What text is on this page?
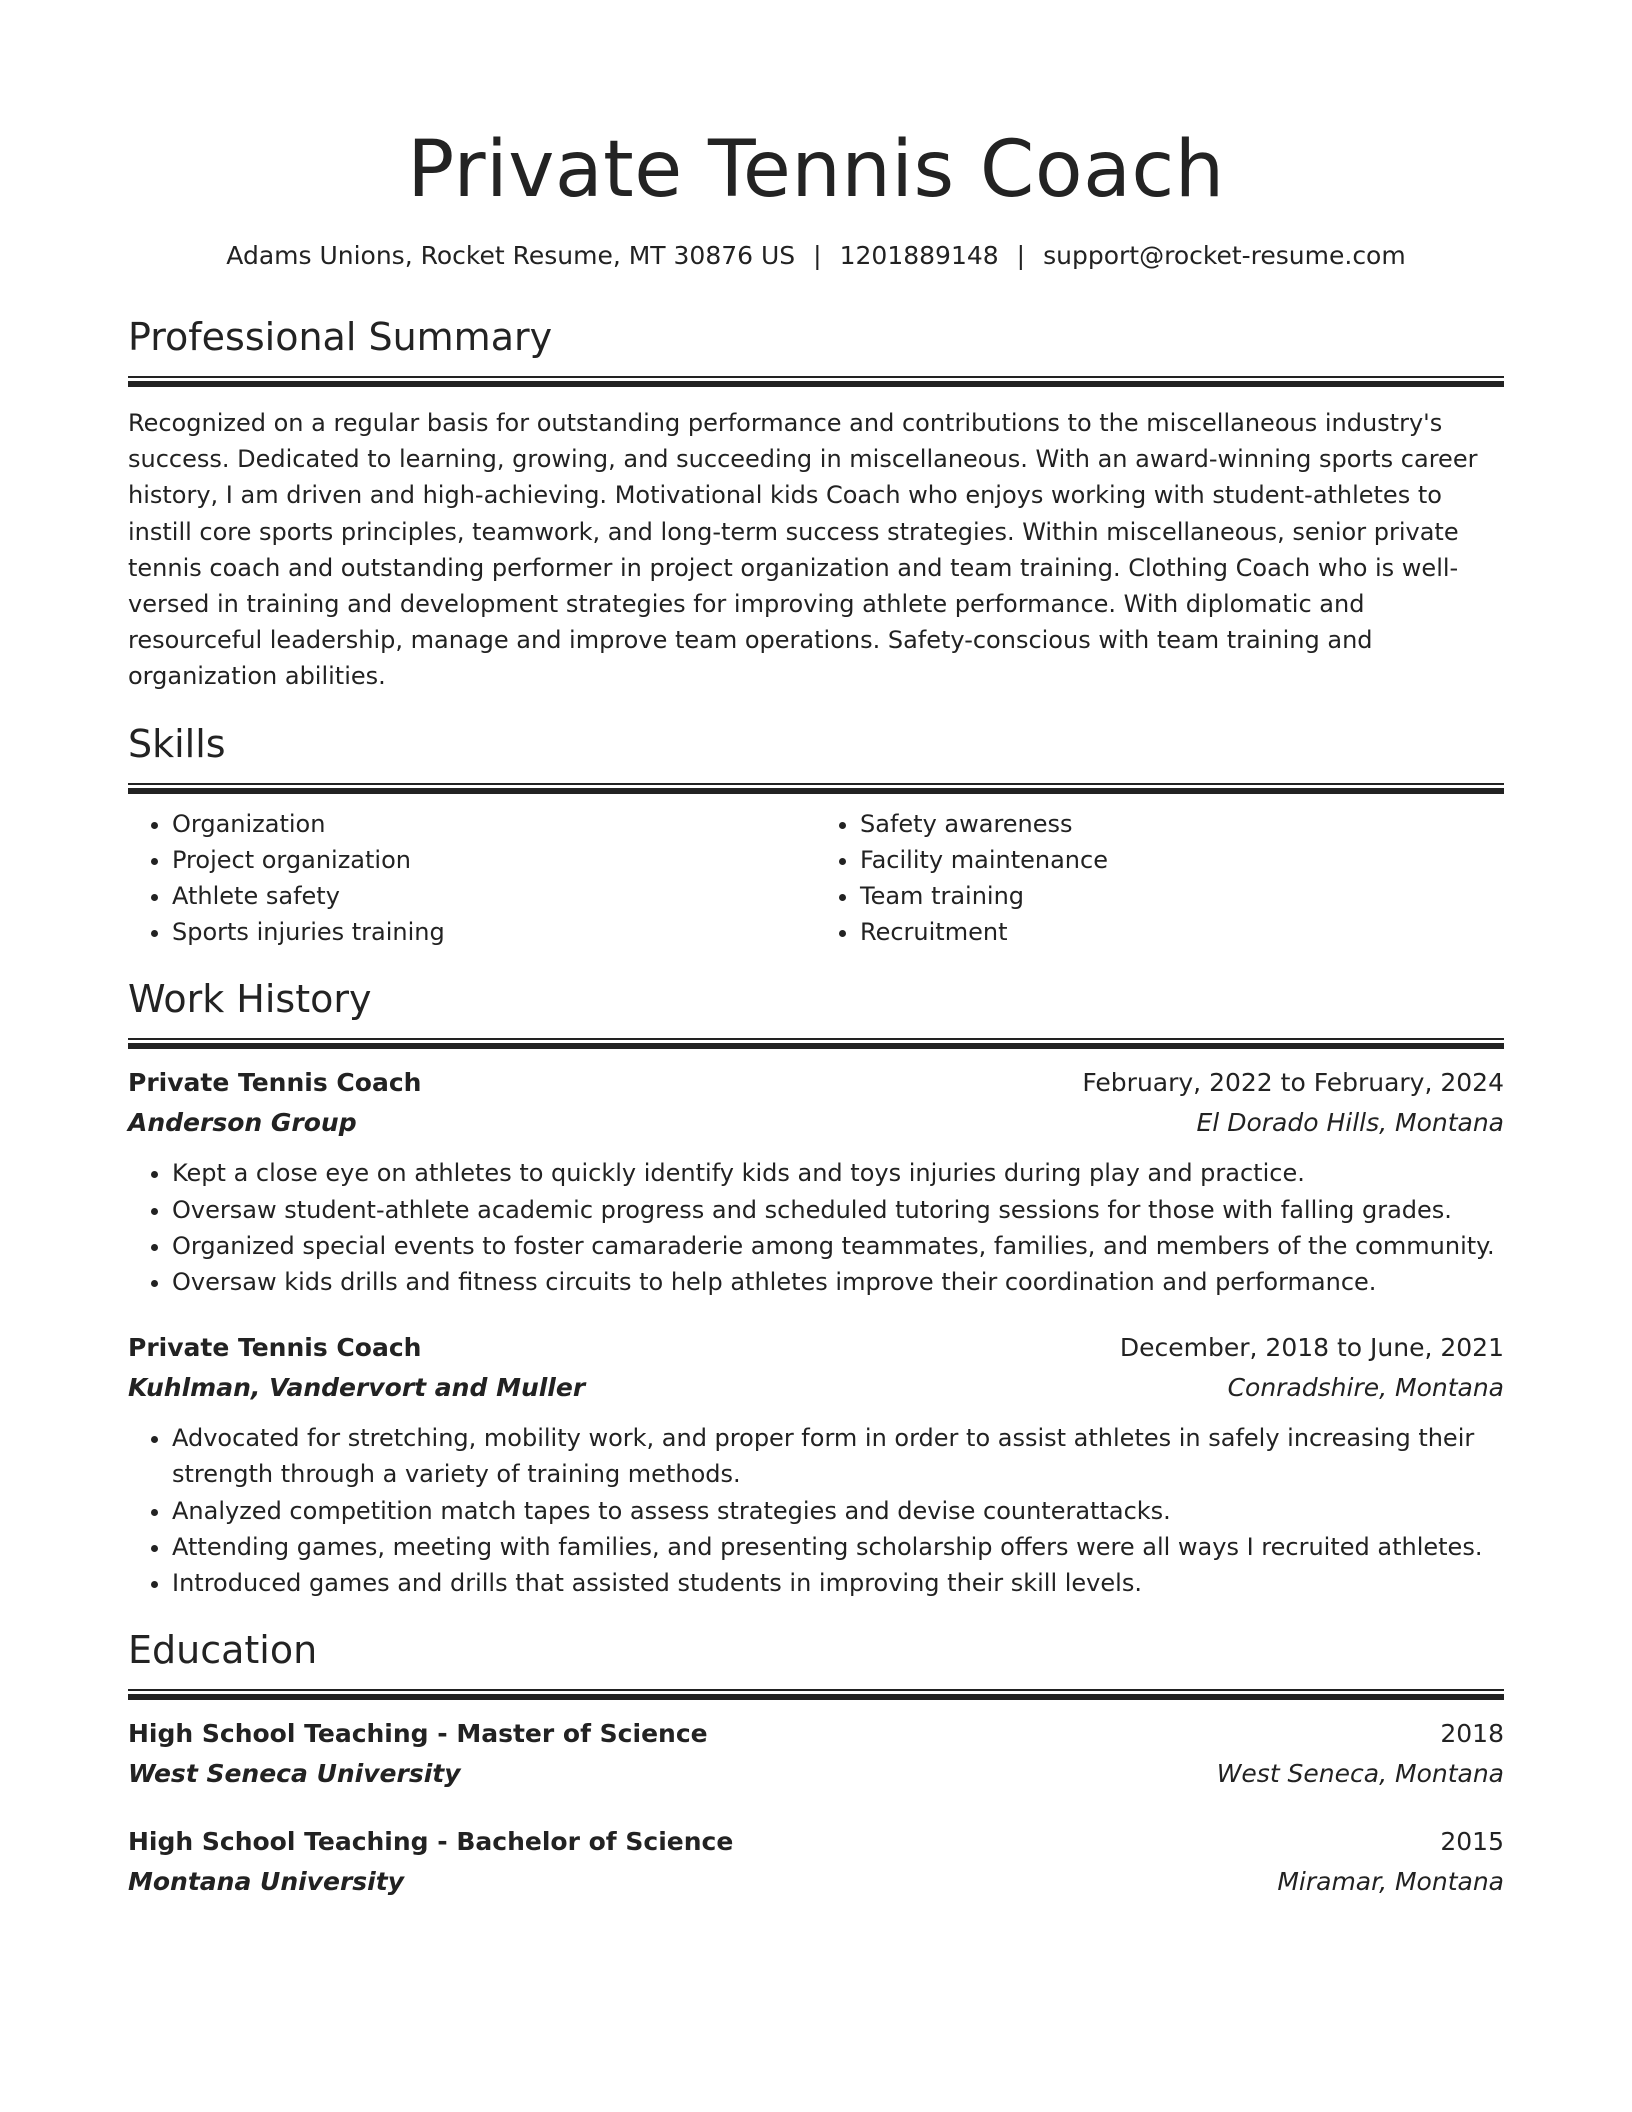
Private Tennis Coach
Adams Unions, Rocket Resume, MT 30876 US | 1201889148 | support@rocket-resume.com
Professional Summary

Recognized on a regular basis for outstanding performance and contributions to the miscellaneous industry's success. Dedicated to learning, growing, and succeeding in miscellaneous. With an award-winning sports career history, I am driven and high-achieving. Motivational kids Coach who enjoys working with student-athletes to instill core sports principles, teamwork, and long-term success strategies. Within miscellaneous, senior private tennis coach and outstanding performer in project organization and team training. Clothing Coach who is well-versed in training and development strategies for improving athlete performance. With diplomatic and resourceful leadership, manage and improve team operations. Safety-conscious with team training and organization abilities.

Skills
• Organization
• Project organization
• Athlete safety
• Sports injuries training
• Safety awareness
• Facility maintenance
• Team training
• Recruitment
Work History
Private Tennis Coach	February, 2022 to February, 2024
Anderson Group	El Dorado Hills, Montana
• Kept a close eye on athletes to quickly identify kids and toys injuries during play and practice.
• Oversaw student-athlete academic progress and scheduled tutoring sessions for those with falling grades.
• Organized special events to foster camaraderie among teammates, families, and members of the community.
• Oversaw kids drills and fitness circuits to help athletes improve their coordination and performance.
Private Tennis Coach	December, 2018 to June, 2021
Kuhlman, Vandervort and Muller	Conradshire, Montana
• Advocated for stretching, mobility work, and proper form in order to assist athletes in safely increasing their strength through a variety of training methods.
• Analyzed competition match tapes to assess strategies and devise counterattacks.
• Attending games, meeting with families, and presenting scholarship offers were all ways I recruited athletes.
• Introduced games and drills that assisted students in improving their skill levels.
Education
High School Teaching - Master of Science	2018
West Seneca University	West Seneca, Montana
High School Teaching - Bachelor of Science	2015
Montana University	Miramar, Montana
